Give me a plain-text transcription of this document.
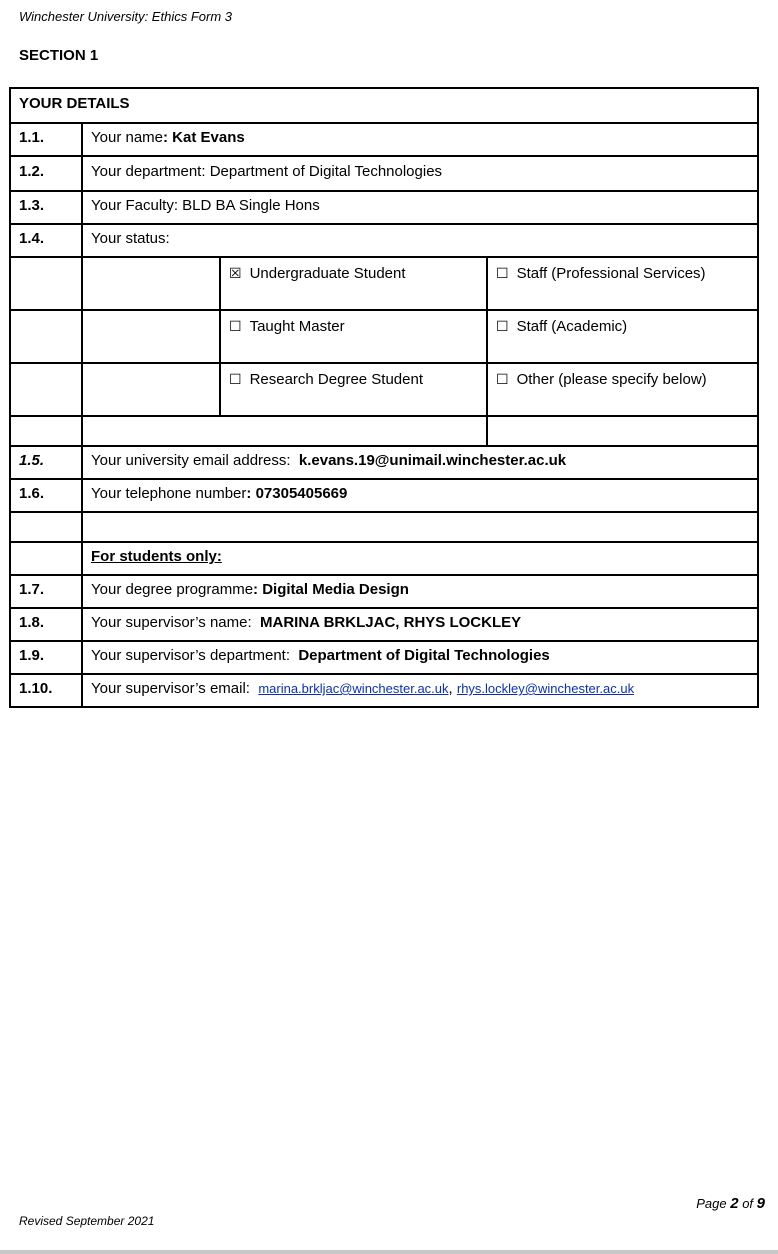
Winchester University: Ethics Form 3
SECTION 1
YOUR DETAILS			
1.1.	Your name: Kat Evans		
1.2.	Your department: Department of Digital Technologies		
1.3.	Your Faculty: BLD BA Single Hons		
1.4.	Your status:		
		☒ Undergraduate Student	☐ Staff (Professional Services)
		☐ Taught Master	☐ Staff (Academic)
		☐ Research Degree Student	☐ Other (please specify below)

1.5.	Your university email address: k.evans.19@unimail.winchester.ac.uk		
1.6.	Your telephone number: 07305405669		

	For students only:		
1.7.	Your degree programme: Digital Media Design		
1.8.	Your supervisor’s name: MARINA BRKLJAC, RHYS LOCKLEY		
1.9.	Your supervisor’s department: Department of Digital Technologies		
1.10.	Your supervisor’s email: marina.brkljac@winchester.ac.uk, rhys.lockley@winchester.ac.uk		
Page 2 of 9
Revised September 2021
